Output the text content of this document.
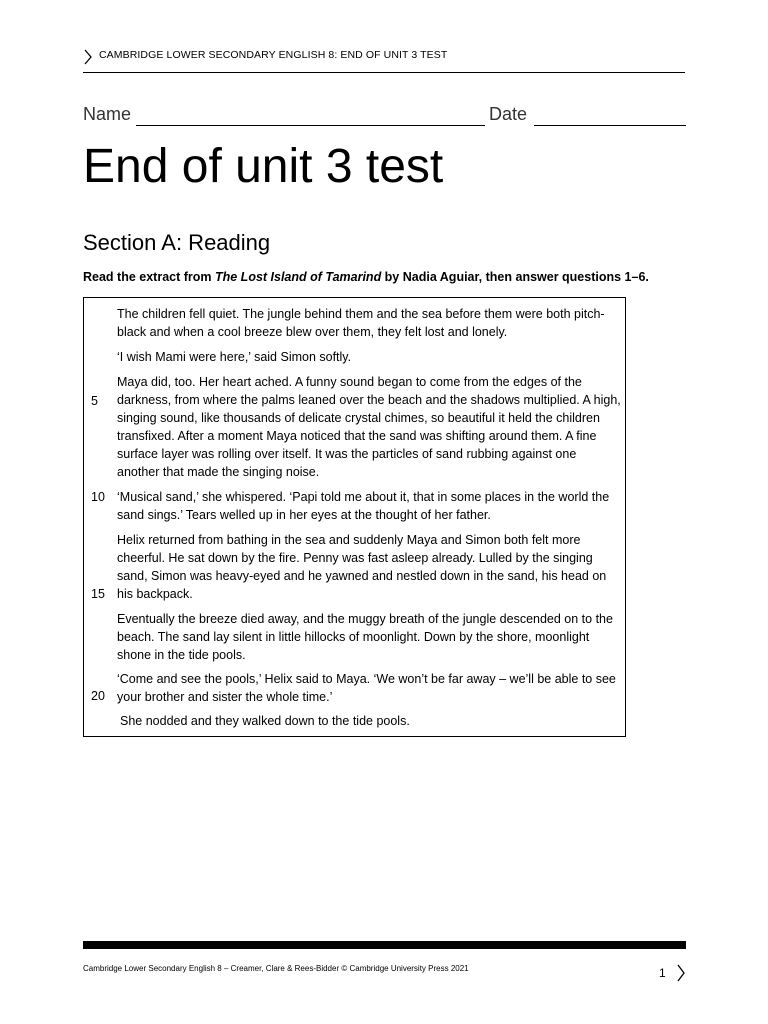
CAMBRIDGE LOWER SECONDARY ENGLISH 8: END OF UNIT 3 TEST
Name	Date
End of unit 3 test
Section A: Reading
Read the extract from The Lost Island of Tamarind by Nadia Aguiar, then answer questions 1–6.
The children fell quiet. The jungle behind them and the sea before them were both pitch-black and when a cool breeze blew over them, they felt lost and lonely.
‘I wish Mami were here,’ said Simon softly.
Maya did, too. Her heart ached. A funny sound began to come from the edges of the darkness, from where the palms leaned over the beach and the shadows multiplied. A high, singing sound, like thousands of delicate crystal chimes, so beautiful it held the children transfixed. After a moment Maya noticed that the sand was shifting around them. A fine surface layer was rolling over itself. It was the particles of sand rubbing against one another that made the singing noise.
‘Musical sand,’ she whispered. ‘Papi told me about it, that in some places in the world the sand sings.’ Tears welled up in her eyes at the thought of her father.
Helix returned from bathing in the sea and suddenly Maya and Simon both felt more cheerful. He sat down by the fire. Penny was fast asleep already. Lulled by the singing sand, Simon was heavy-eyed and he yawned and nestled down in the sand, his head on his backpack.
Eventually the breeze died away, and the muggy breath of the jungle descended on to the beach. The sand lay silent in little hillocks of moonlight. Down by the shore, moonlight shone in the tide pools.
‘Come and see the pools,’ Helix said to Maya. ‘We won’t be far away – we’ll be able to see your brother and sister the whole time.’
She nodded and they walked down to the tide pools.
5
10
15
20
Cambridge Lower Secondary English 8 – Creamer, Clare & Rees-Bidder © Cambridge University Press 2021	1
